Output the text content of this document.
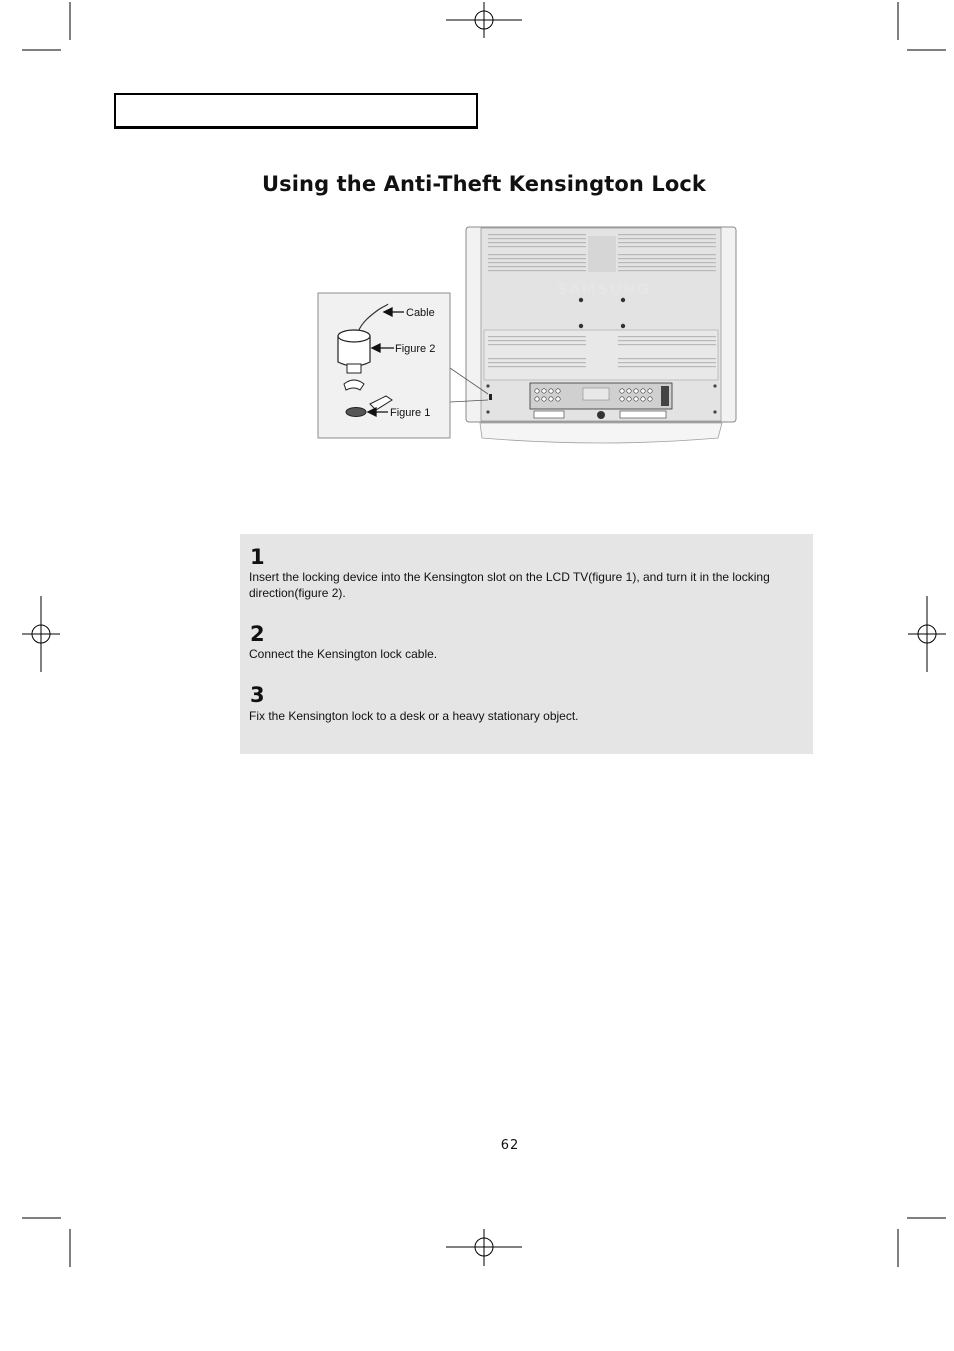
Using the Anti-Theft Kensington Lock
SAMSUNG
Cable
Figure 2
Figure 1
1
Insert the locking device into the Kensington slot on the LCD TV(figure 1), and turn it in the locking direction(figure 2).
2
Connect the Kensington lock cable.
3
Fix the Kensington lock to a desk or a heavy stationary object.
62
